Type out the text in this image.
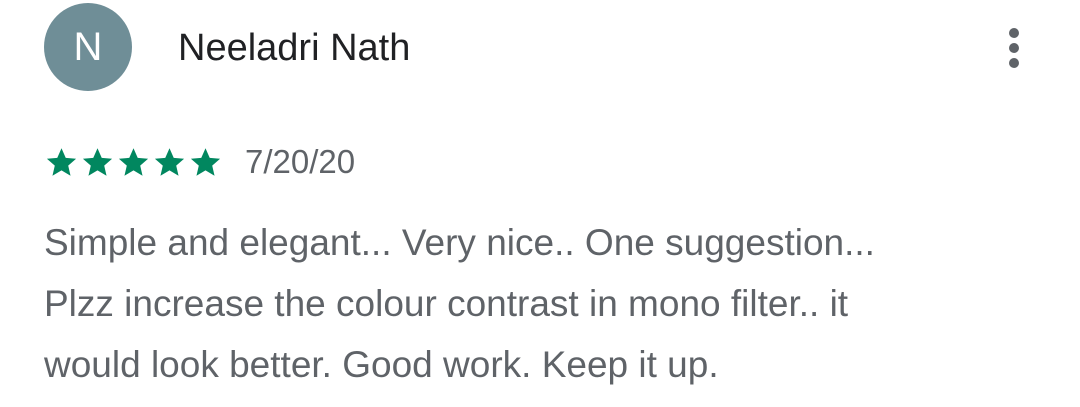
N Neeladri Nath
7/20/20

Simple and elegant... Very nice.. One suggestion...
Plzz increase the colour contrast in mono filter.. it
would look better. Good work. Keep it up.
